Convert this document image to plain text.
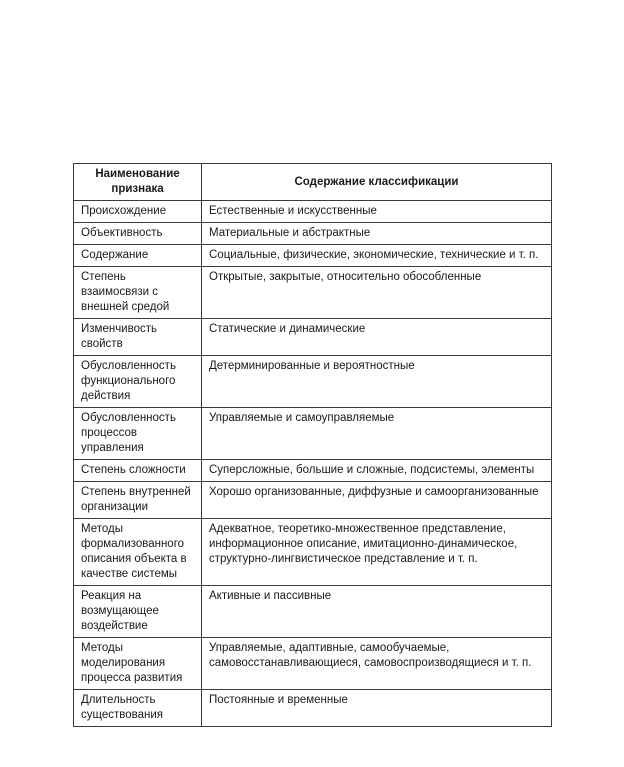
Наименование признака	Содержание классификации
Происхождение	Естественные и искусственные
Объективность	Материальные и абстрактные
Содержание	Социальные, физические, экономические, технические и т. п.
Степень взаимосвязи с внешней средой	Открытые, закрытые, относительно обособленные
Изменчивость свойств	Статические и динамические
Обусловленность функционального действия	Детерминированные и вероятностные
Обусловленность процессов управления	Управляемые и самоуправляемые
Степень сложности	Суперсложные, большие и сложные, подсистемы, элементы
Степень внутренней организации	Хорошо организованные, диффузные и самоорганизованные
Методы формализованного описания объекта в качестве системы	Адекватное, теоретико-множественное представление, информационное описание, имитационно-динамическое, структурно-лингвистическое представление и т. п.
Реакция на возмущающее воздействие	Активные и пассивные
Методы моделирования процесса развития	Управляемые, адаптивные, самообучаемые, самовосстанавливающиеся, самовоспроизводящиеся и т. п.
Длительность существования	Постоянные и временные
